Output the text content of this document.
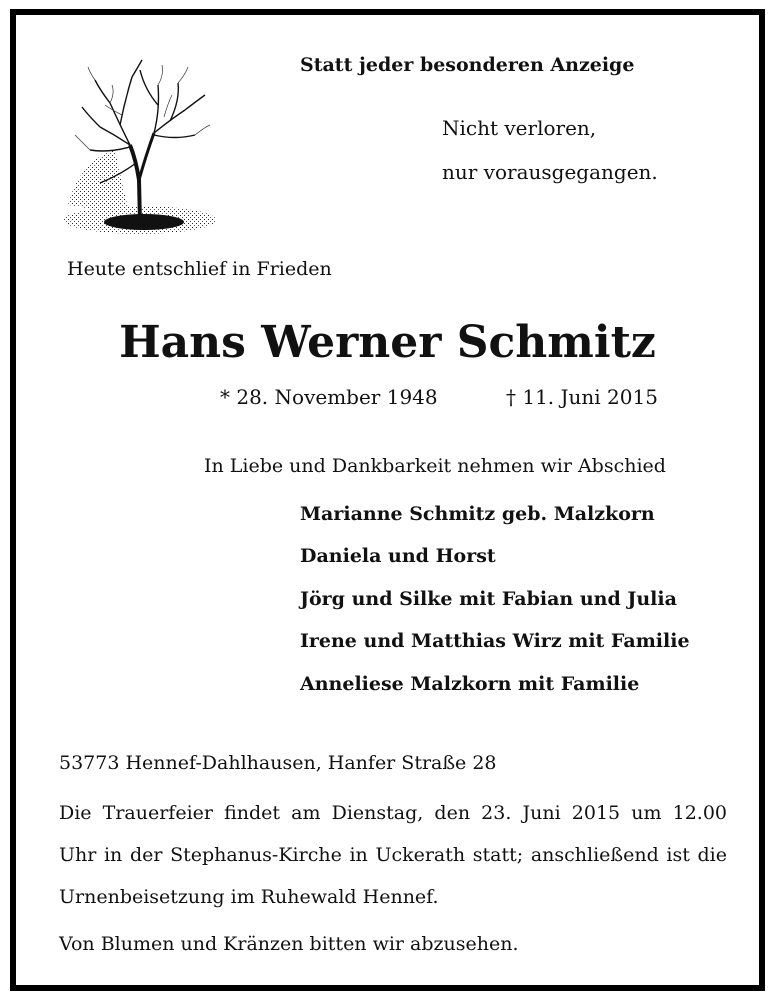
Statt jeder besonderen Anzeige
Nicht verloren,
nur vorausgegangen.
Heute entschlief in Frieden
Hans Werner Schmitz
* 28. November 1948	† 11. Juni 2015
In Liebe und Dankbarkeit nehmen wir Abschied
Marianne Schmitz geb. Malzkorn
Daniela und Horst
Jörg und Silke mit Fabian und Julia
Irene und Matthias Wirz mit Familie
Anneliese Malzkorn mit Familie
53773 Hennef-Dahlhausen, Hanfer Straße 28
Die Trauerfeier findet am Dienstag, den 23. Juni 2015 um 12.00
Uhr in der Stephanus-Kirche in Uckerath statt; anschließend ist die
Urnenbeisetzung im Ruhewald Hennef.
Von Blumen und Kränzen bitten wir abzusehen.
